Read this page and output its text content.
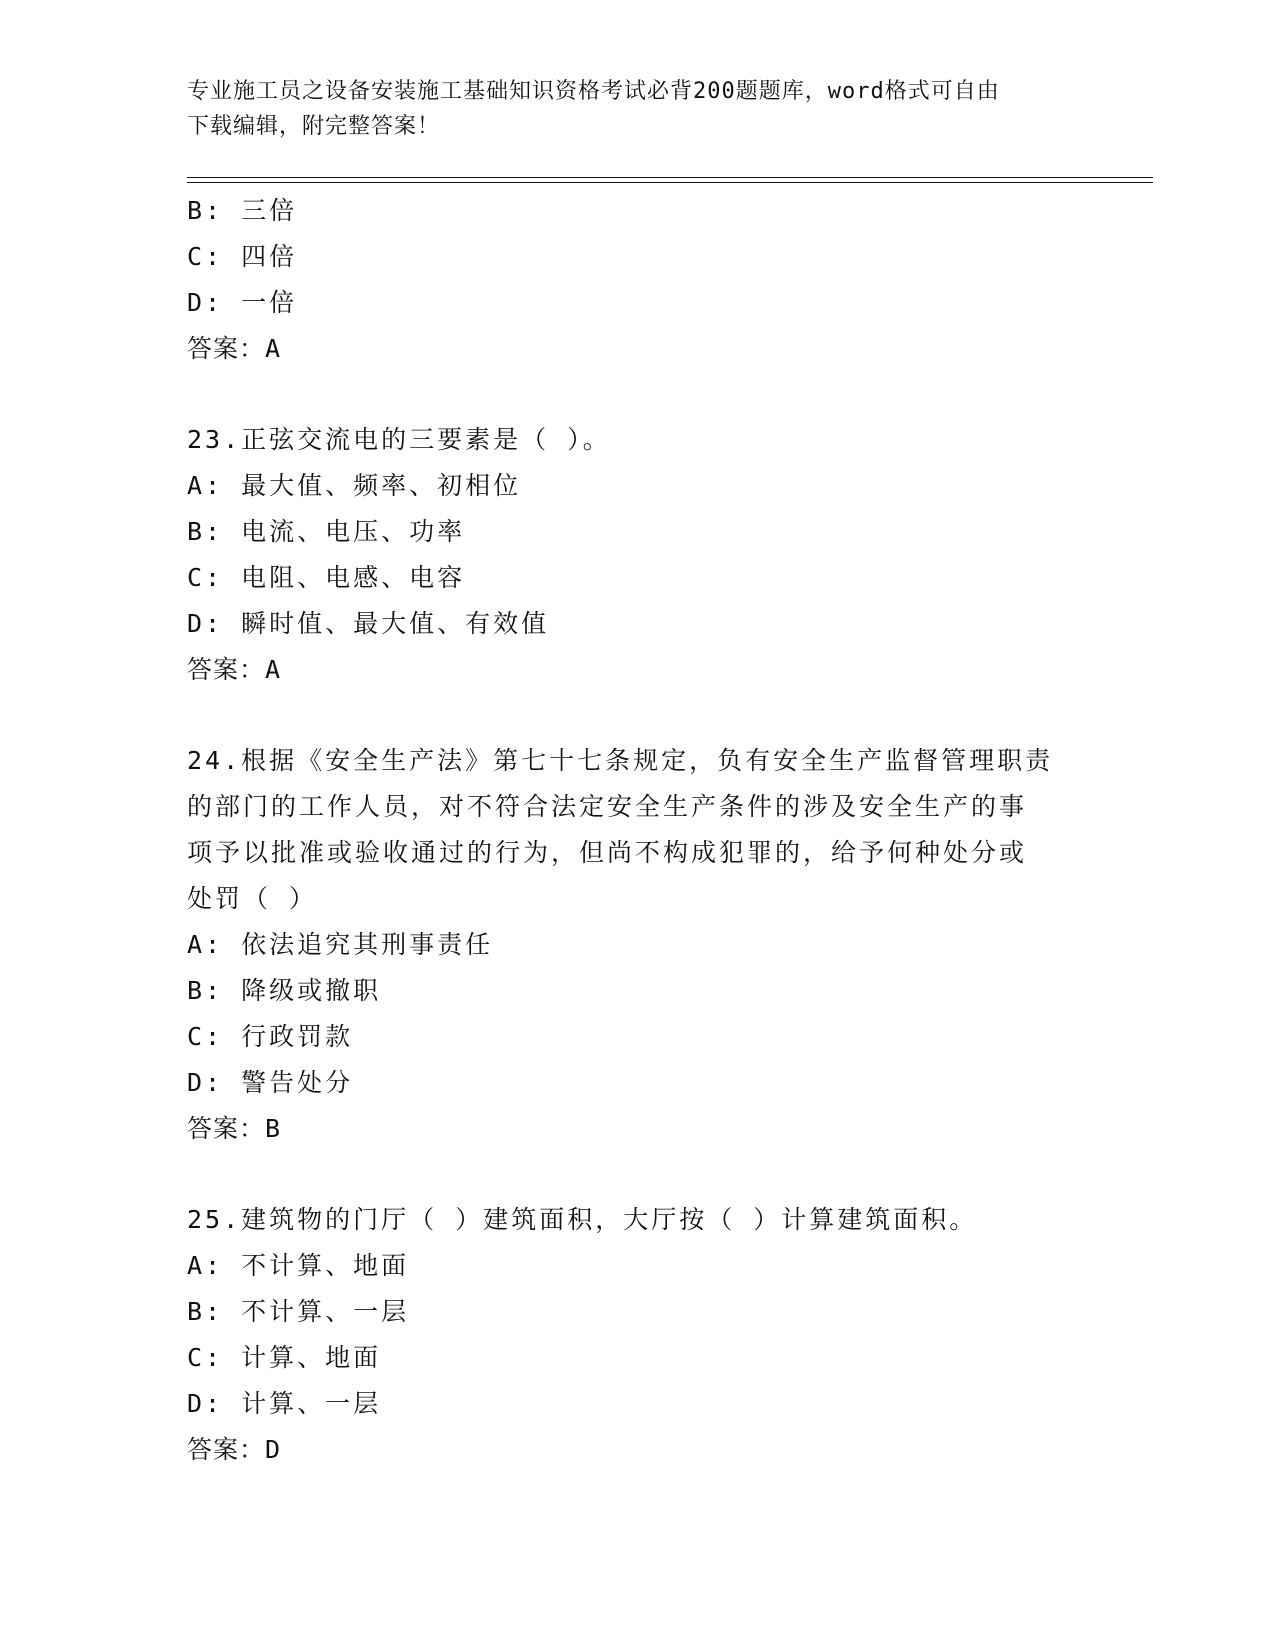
专业施工员之设备安装施工基础知识资格考试必背200题题库，word格式可自由
下载编辑，附完整答案！
B: 三倍
C: 四倍
D: 一倍
答案：A
23.正弦交流电的三要素是（ ）。
A: 最大值、频率、初相位
B: 电流、电压、功率
C: 电阻、电感、电容
D: 瞬时值、最大值、有效值
答案：A
24.根据《安全生产法》第七十七条规定，负有安全生产监督管理职责
的部门的工作人员，对不符合法定安全生产条件的涉及安全生产的事
项予以批准或验收通过的行为，但尚不构成犯罪的，给予何种处分或
处罚（ ）
A: 依法追究其刑事责任
B: 降级或撤职
C: 行政罚款
D: 警告处分
答案：B
25.建筑物的门厅（ ）建筑面积，大厅按（ ）计算建筑面积。
A: 不计算、地面
B: 不计算、一层
C: 计算、地面
D: 计算、一层
答案：D
